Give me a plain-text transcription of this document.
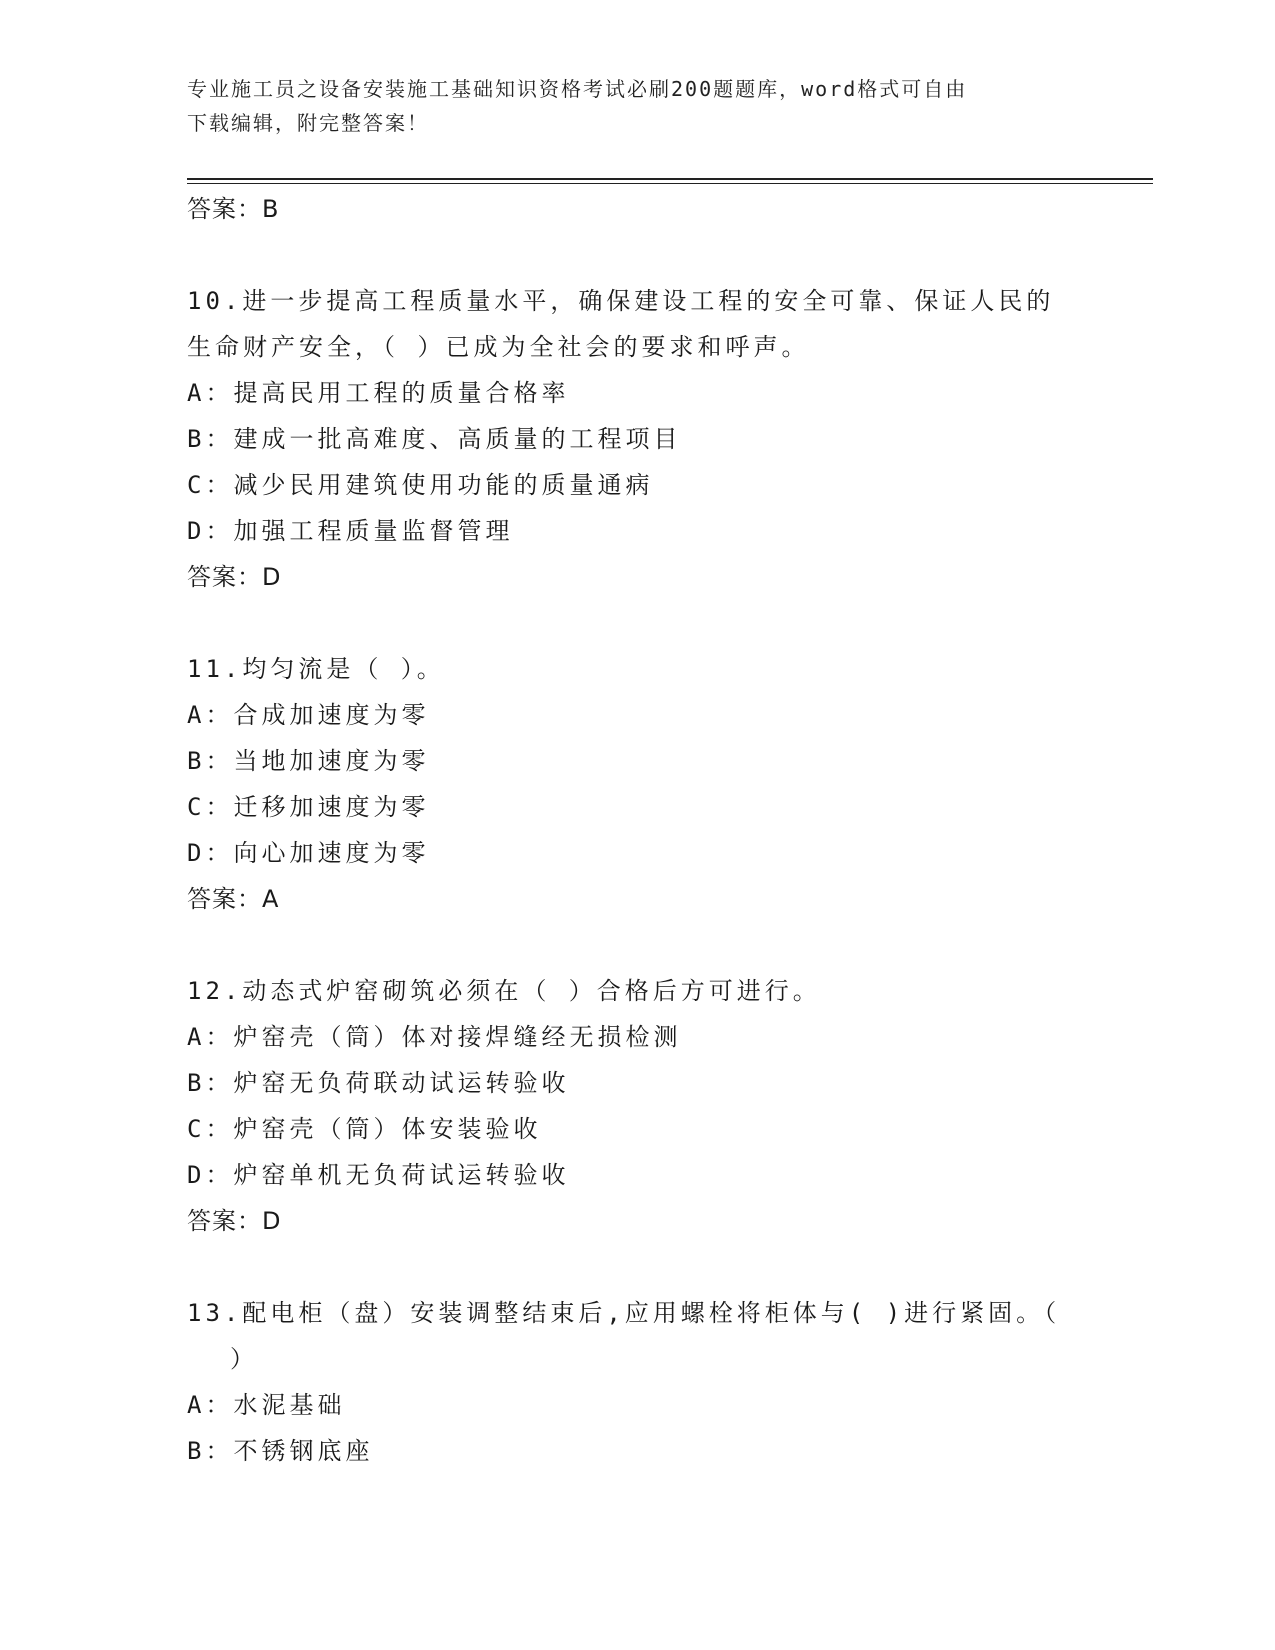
专业施工员之设备安装施工基础知识资格考试必刷200题题库，word格式可自由

下载编辑，附完整答案！

答案：B
10.进一步提高工程质量水平，确保建设工程的安全可靠、保证人民的
生命财产安全，（ ）已成为全社会的要求和呼声。
A：提高民用工程的质量合格率
B：建成一批高难度、高质量的工程项目
C：减少民用建筑使用功能的质量通病
D：加强工程质量监督管理
答案：D
11.均匀流是（ ）。
A：合成加速度为零
B：当地加速度为零
C：迁移加速度为零
D：向心加速度为零
答案：A
12.动态式炉窑砌筑必须在（ ）合格后方可进行。
A：炉窑壳（筒）体对接焊缝经无损检测
B：炉窑无负荷联动试运转验收
C：炉窑壳（筒）体安装验收
D：炉窑单机无负荷试运转验收
答案：D
13.配电柜（盘）安装调整结束后,应用螺栓将柜体与( )进行紧固。（
）
A：水泥基础
B：不锈钢底座
